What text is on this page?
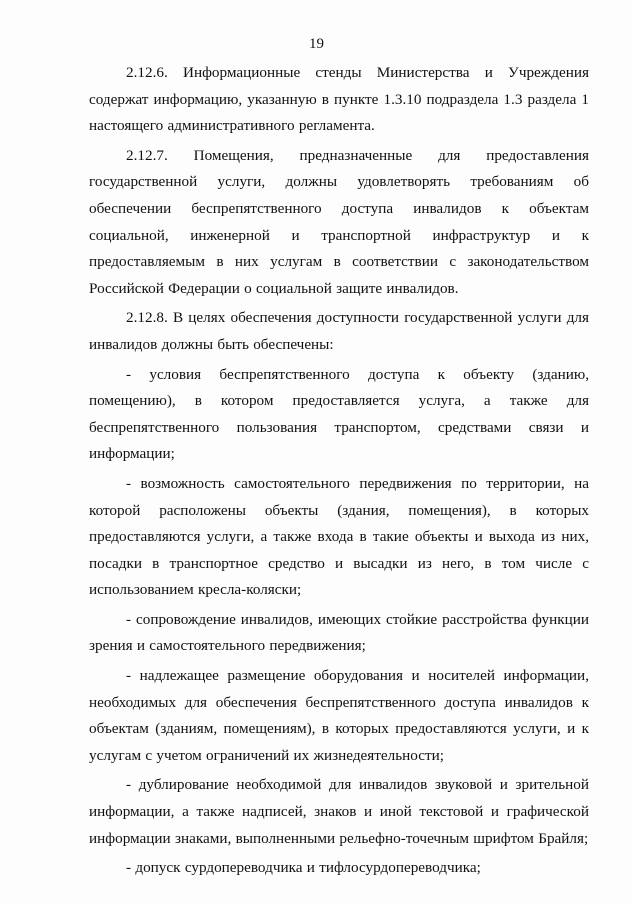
19

2.12.6. Информационные стенды Министерства и Учреждения содержат информацию, указанную в пункте 1.3.10 подраздела 1.3 раздела 1 настоящего административного регламента.

2.12.7. Помещения, предназначенные для предоставления государственной услуги, должны удовлетворять требованиям об обеспечении беспрепятственного доступа инвалидов к объектам социальной, инженерной и транспортной инфраструктур и к предоставляемым в них услугам в соответствии с законодательством Российской Федерации о социальной защите инвалидов.

2.12.8. В целях обеспечения доступности государственной услуги для инвалидов должны быть обеспечены:

- условия беспрепятственного доступа к объекту (зданию, помещению), в котором предоставляется услуга, а также для беспрепятственного пользования транспортом, средствами связи и информации;

- возможность самостоятельного передвижения по территории, на которой расположены объекты (здания, помещения), в которых предоставляются услуги, а также входа в такие объекты и выхода из них, посадки в транспортное средство и высадки из него, в том числе с использованием кресла-коляски;

- сопровождение инвалидов, имеющих стойкие расстройства функции зрения и самостоятельного передвижения;

- надлежащее размещение оборудования и носителей информации, необходимых для обеспечения беспрепятственного доступа инвалидов к объектам (зданиям, помещениям), в которых предоставляются услуги, и к услугам с учетом ограничений их жизнедеятельности;

- дублирование необходимой для инвалидов звуковой и зрительной информации, а также надписей, знаков и иной текстовой и графической информации знаками, выполненными рельефно-точечным шрифтом Брайля;

- допуск сурдопереводчика и тифлосурдопереводчика;
